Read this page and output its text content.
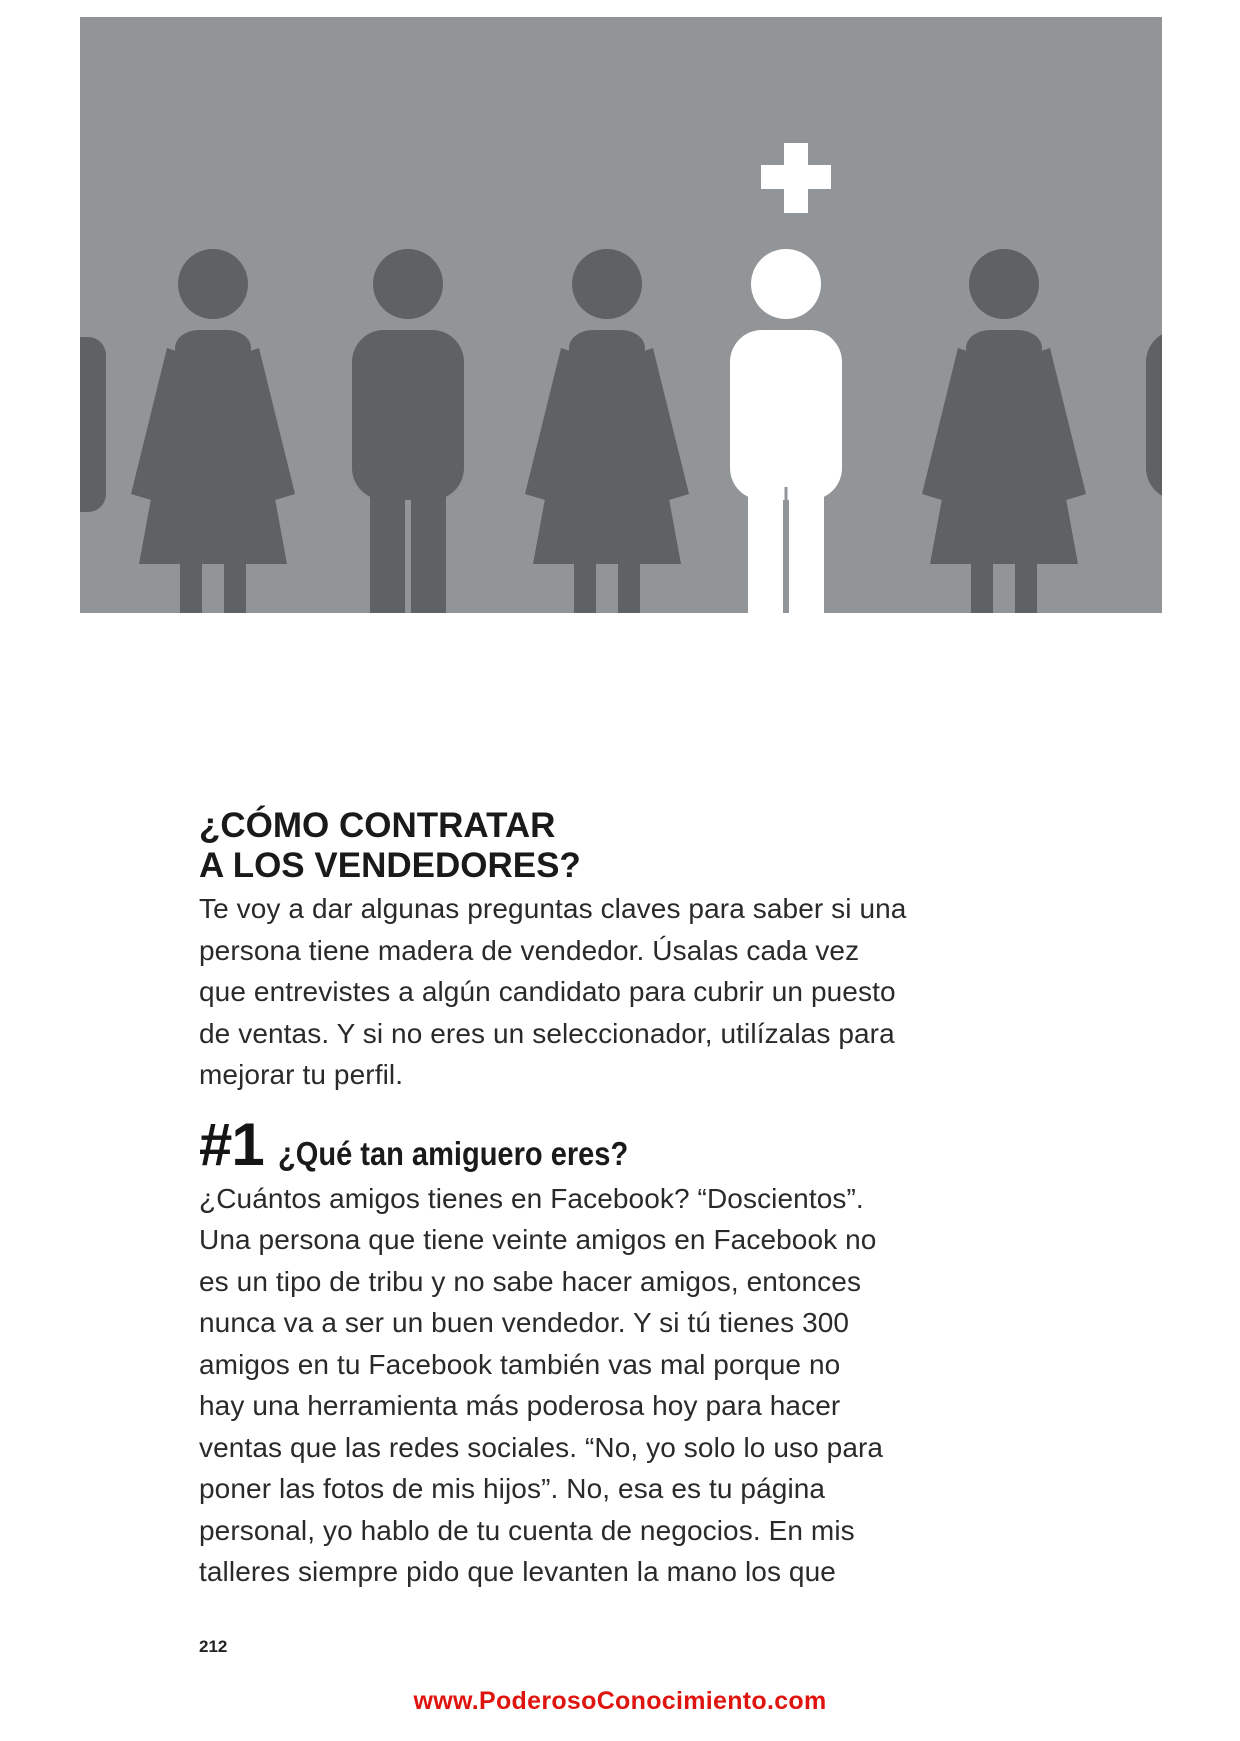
¿CÓMO CONTRATAR
A LOS VENDEDORES?

Te voy a dar algunas preguntas claves para saber si una
persona tiene madera de vendedor. Úsalas cada vez
que entrevistes a algún candidato para cubrir un puesto
de ventas. Y si no eres un seleccionador, utilízalas para
mejorar tu perfil.

#1 ¿Qué tan amiguero eres?

¿Cuántos amigos tienes en Facebook? “Doscientos”.
Una persona que tiene veinte amigos en Facebook no
es un tipo de tribu y no sabe hacer amigos, entonces
nunca va a ser un buen vendedor. Y si tú tienes 300
amigos en tu Facebook también vas mal porque no
hay una herramienta más poderosa hoy para hacer
ventas que las redes sociales. “No, yo solo lo uso para
poner las fotos de mis hijos”. No, esa es tu página
personal, yo hablo de tu cuenta de negocios. En mis
talleres siempre pido que levanten la mano los que

212
www.PoderosoConocimiento.com
